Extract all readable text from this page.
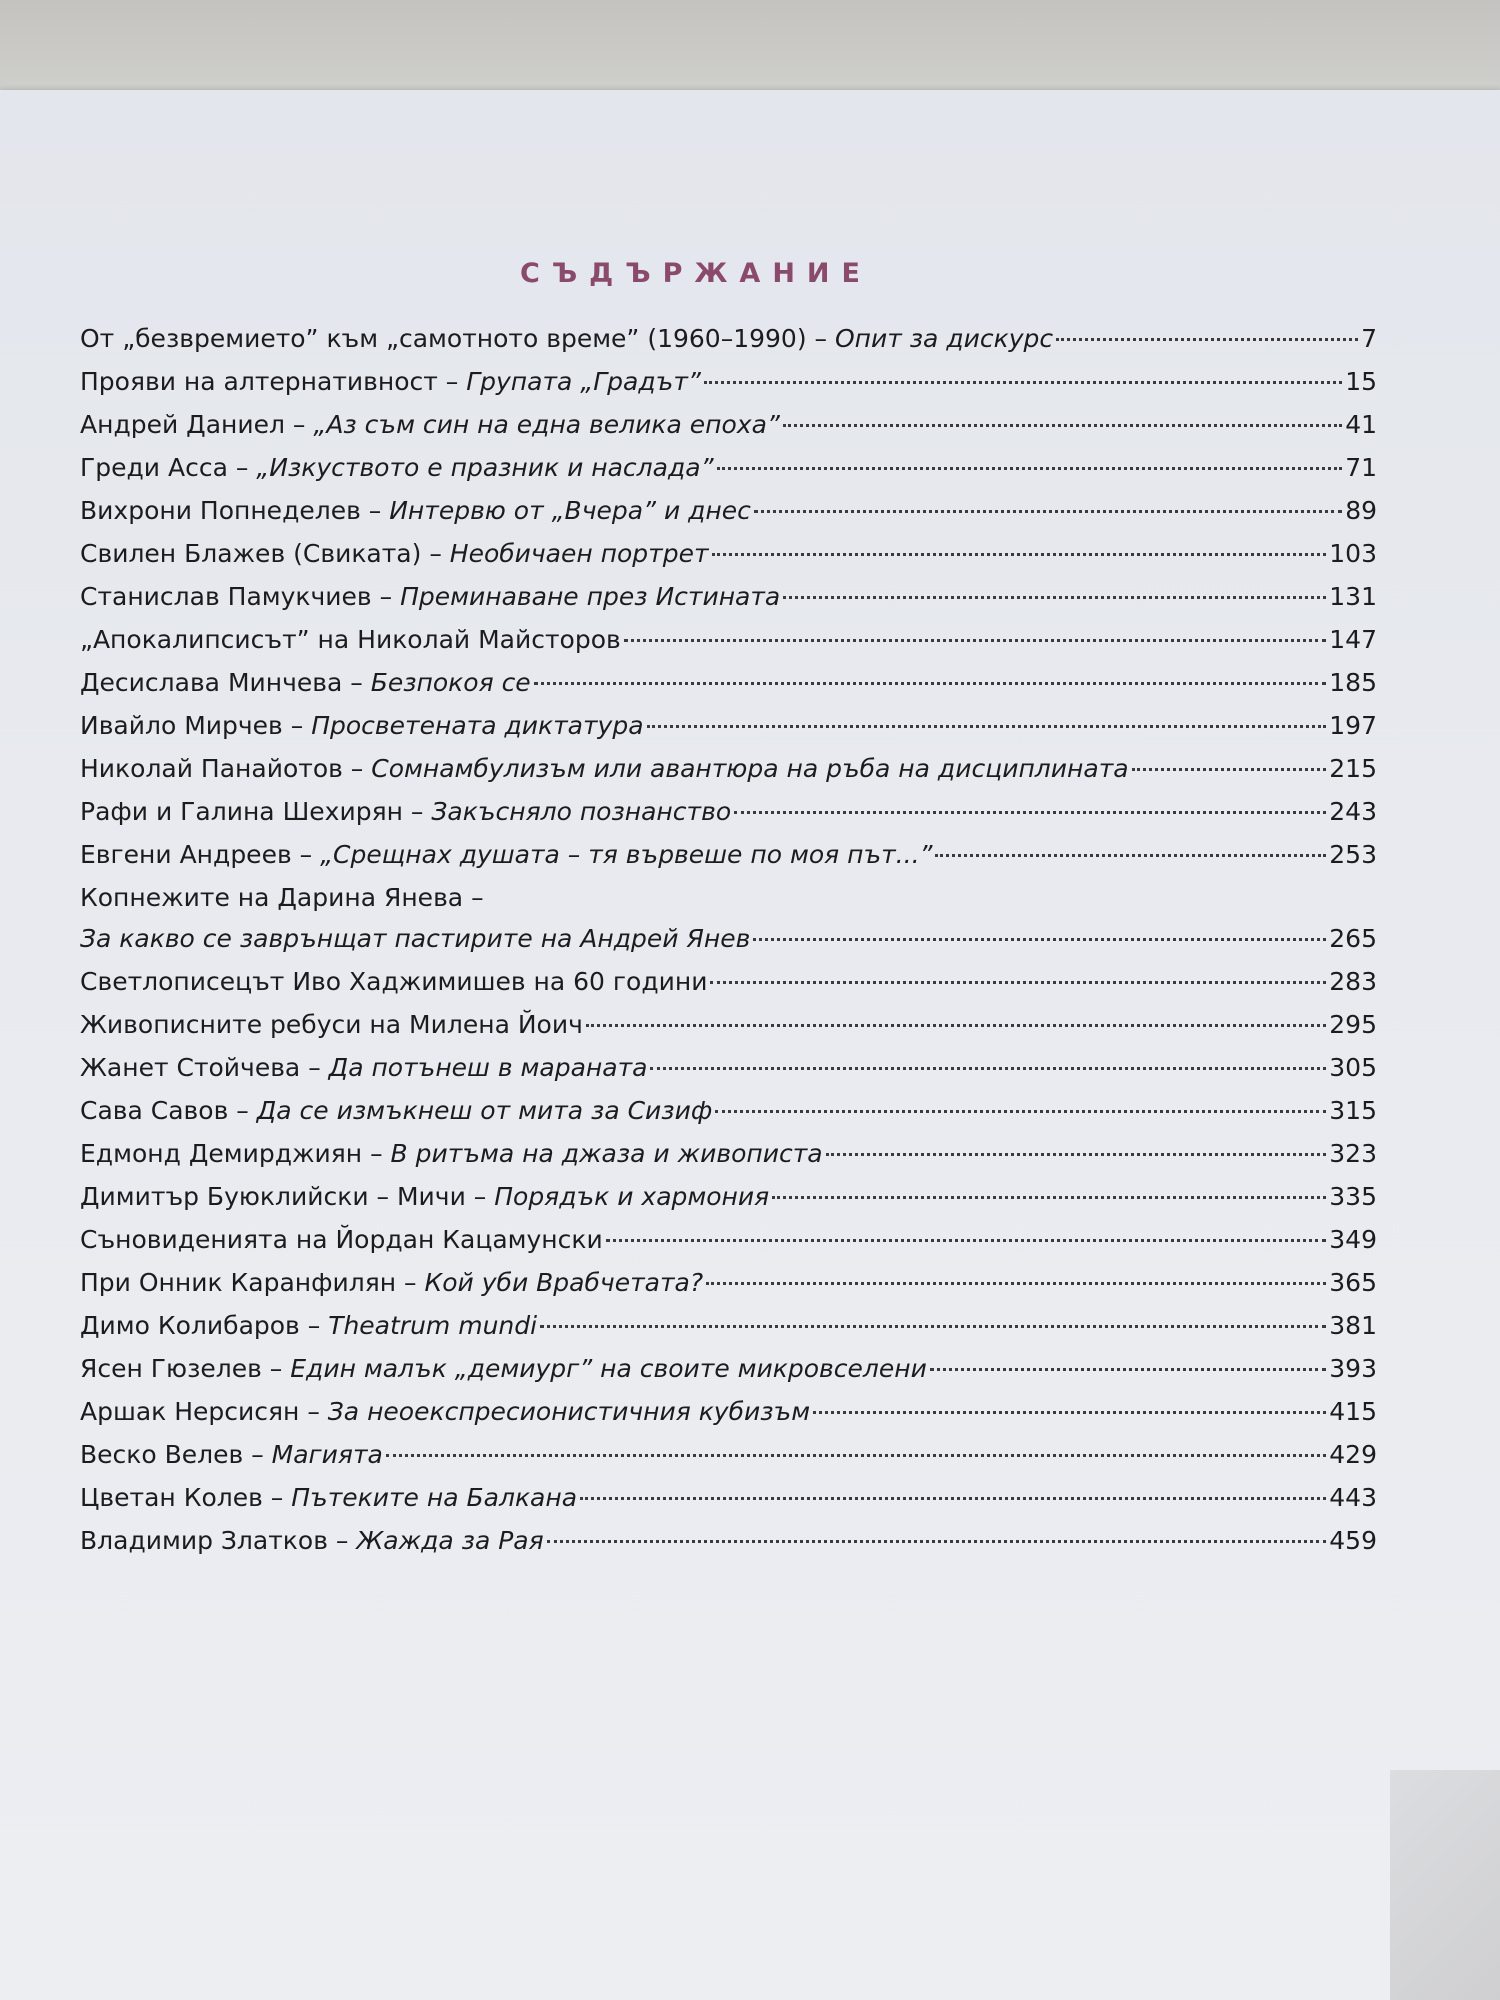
СЪДЪРЖАНИЕ
От „безвремието” към „самотното време” (1960–1990) – Опит за дискурс	7
Прояви на алтернативност – Групата „Градът”	15
Андрей Даниел – „Аз съм син на една велика епоха”	41
Греди Асса – „Изкуството е празник и наслада”	71
Вихрони Попнеделев – Интервю от „Вчера” и днес	89
Свилен Блажев (Свиката) – Необичаен портрет	103
Станислав Памукчиев – Преминаване през Истината	131
„Апокалипсисът” на Николай Майсторов	147
Десислава Минчева – Безпокоя се	185
Ивайло Мирчев – Просветената диктатура	197
Николай Панайотов – Сомнамбулизъм или авантюра на ръба на дисциплината	215
Рафи и Галина Шехирян – Закъсняло познанство	243
Евгени Андреев – „Срещнах душата – тя вървеше по моя път...”	253
Копнежите на Дарина Янева –
За какво се заврънщат пастирите на Андрей Янев	265
Светлописецът Иво Хаджимишев на 60 години	283
Живописните ребуси на Милена Йоич	295
Жанет Стойчева – Да потънеш в мараната	305
Сава Савов – Да се измъкнеш от мита за Сизиф	315
Едмонд Демирджиян – В ритъма на джаза и живописта	323
Димитър Буюклийски – Мичи – Порядък и хармония	335
Съновиденията на Йордан Кацамунски	349
При Онник Каранфилян – Кой уби Врабчетата?	365
Димо Колибаров – Theatrum mundi	381
Ясен Гюзелев – Един малък „демиург” на своите микровселени	393
Аршак Нерсисян – За неоекспресионистичния кубизъм	415
Веско Велев – Магията	429
Цветан Колев – Пътеките на Балкана	443
Владимир Златков – Жажда за Рая	459
